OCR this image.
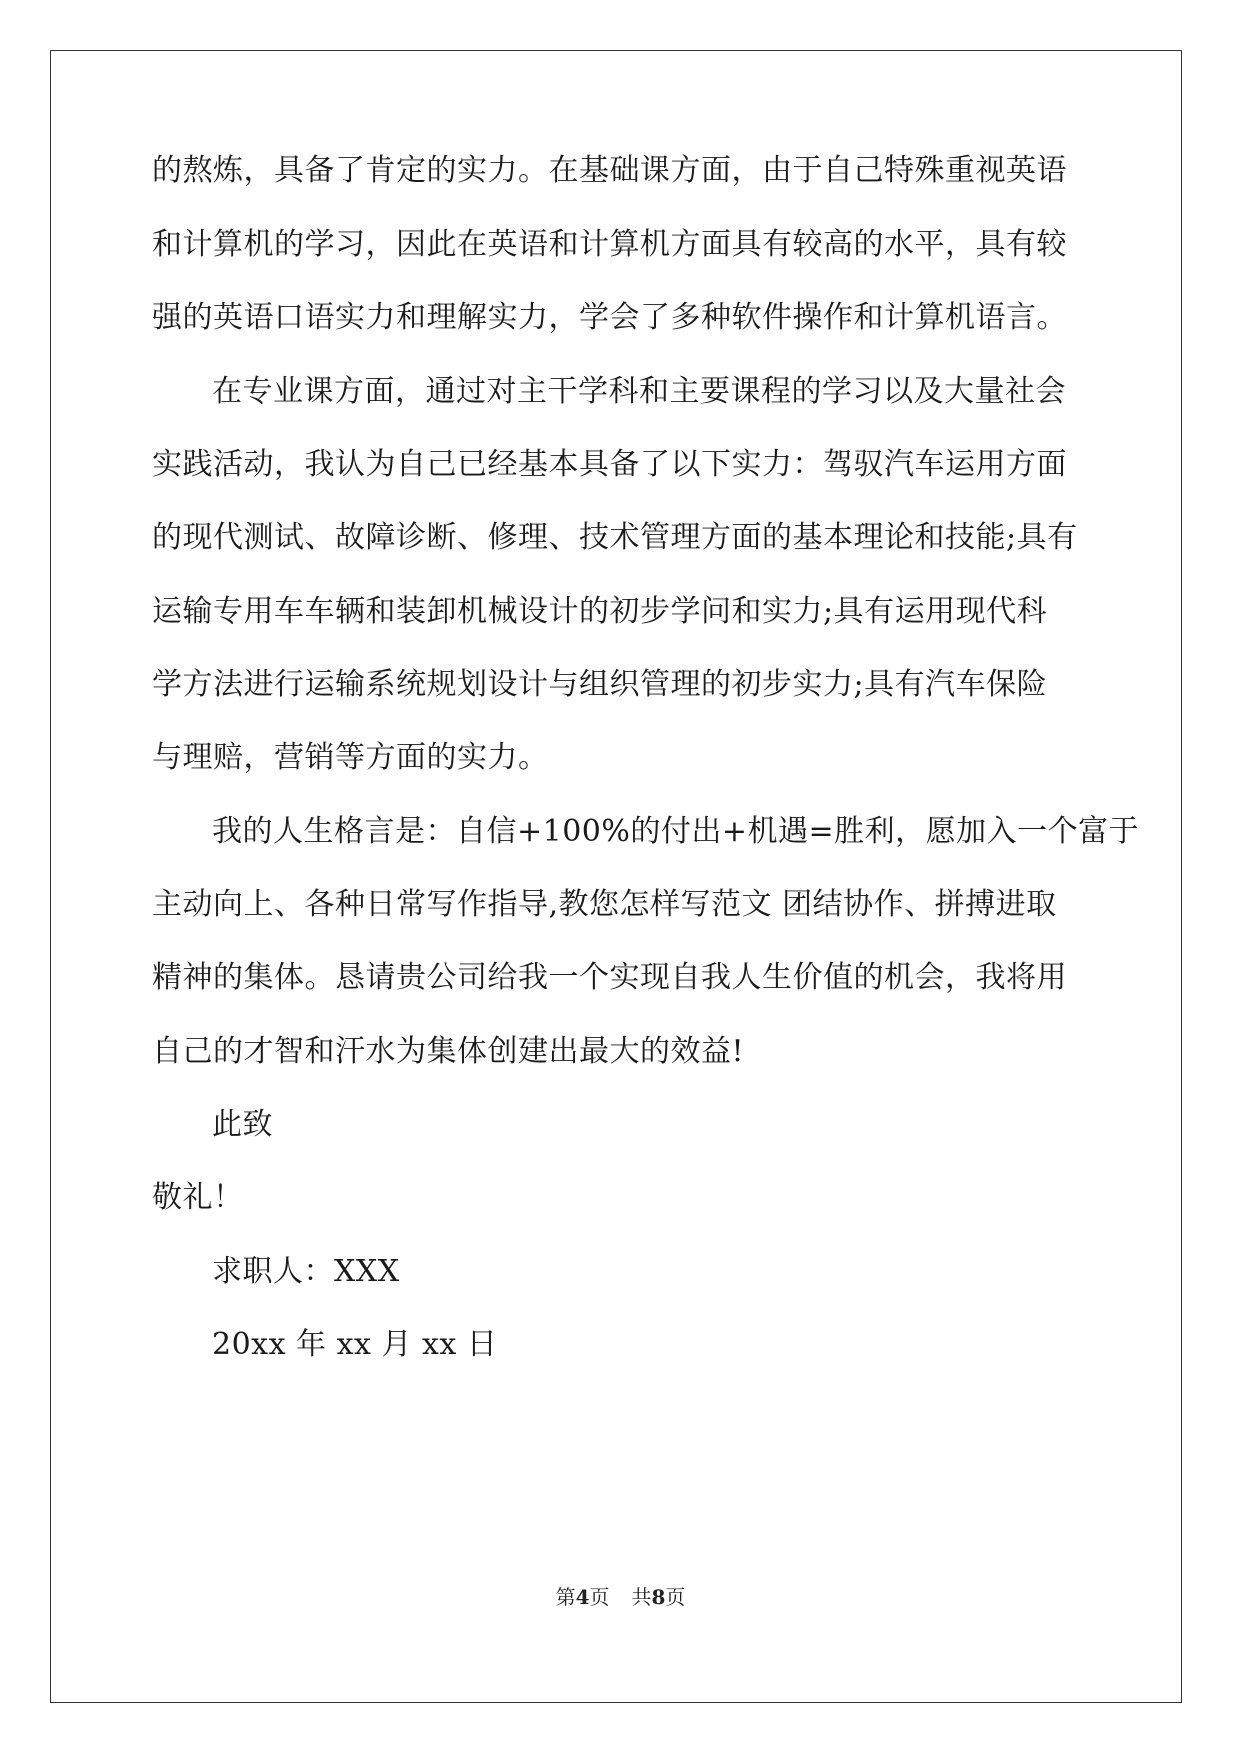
的熬炼，具备了肯定的实力。在基础课方面，由于自己特殊重视英语
和计算机的学习，因此在英语和计算机方面具有较高的水平，具有较
强的英语口语实力和理解实力，学会了多种软件操作和计算机语言。
在专业课方面，通过对主干学科和主要课程的学习以及大量社会
实践活动，我认为自己已经基本具备了以下实力：驾驭汽车运用方面
的现代测试、故障诊断、修理、技术管理方面的基本理论和技能;具有
运输专用车车辆和装卸机械设计的初步学问和实力;具有运用现代科
学方法进行运输系统规划设计与组织管理的初步实力;具有汽车保险
与理赔，营销等方面的实力。
我的人生格言是：自信+100%的付出+机遇=胜利，愿加入一个富于
主动向上、各种日常写作指导,教您怎样写范文 团结协作、拼搏进取
精神的集体。恳请贵公司给我一个实现自我人生价值的机会，我将用
自己的才智和汗水为集体创建出最大的效益!
此致
敬礼！
求职人：XXX
20xx 年 xx 月 xx 日
第4页 共8页
